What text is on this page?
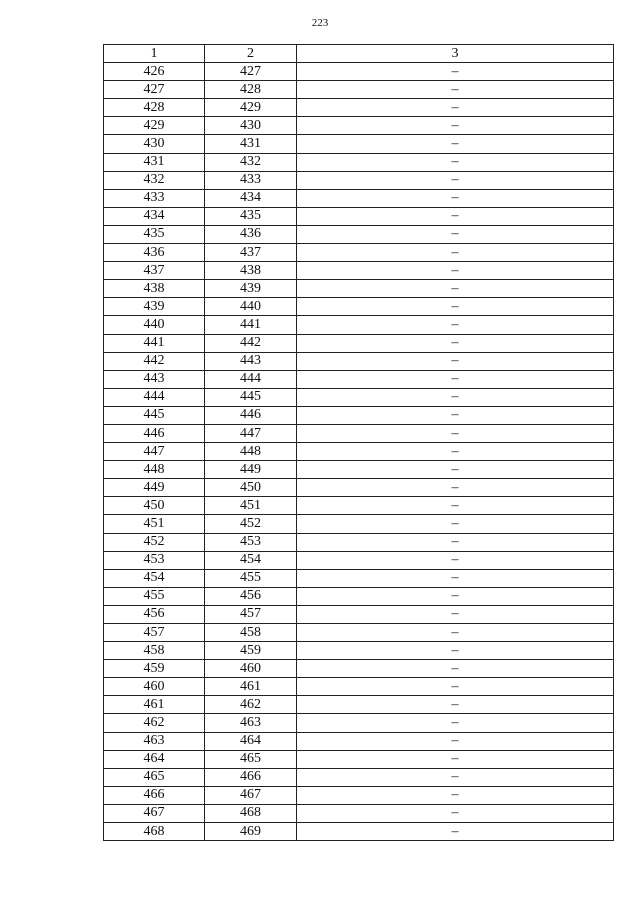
223
1	2	3
426	427	–
427	428	–
428	429	–
429	430	–
430	431	–
431	432	–
432	433	–
433	434	–
434	435	–
435	436	–
436	437	–
437	438	–
438	439	–
439	440	–
440	441	–
441	442	–
442	443	–
443	444	–
444	445	–
445	446	–
446	447	–
447	448	–
448	449	–
449	450	–
450	451	–
451	452	–
452	453	–
453	454	–
454	455	–
455	456	–
456	457	–
457	458	–
458	459	–
459	460	–
460	461	–
461	462	–
462	463	–
463	464	–
464	465	–
465	466	–
466	467	–
467	468	–
468	469	–
